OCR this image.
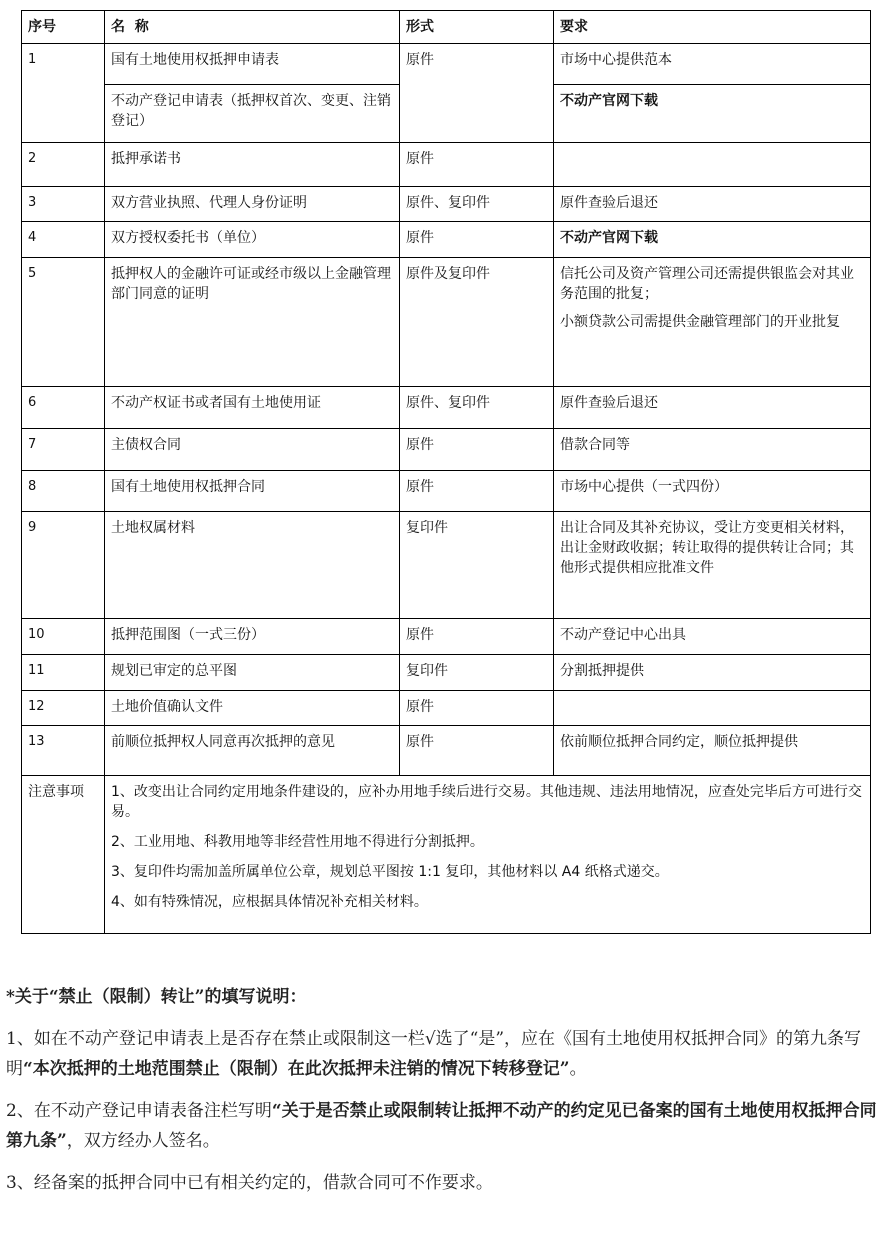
序号	名  称	形式	要求
1	国有土地使用权抵押申请表	原件	市场中心提供范本
	不动产登记申请表（抵押权首次、变更、注销登记）		不动产官网下载
2	抵押承诺书	原件	
3	双方营业执照、代理人身份证明	原件、复印件	原件查验后退还
4	双方授权委托书（单位）	原件	不动产官网下载
5	抵押权人的金融许可证或经市级以上金融管理部门同意的证明	原件及复印件	信托公司及资产管理公司还需提供银监会对其业务范围的批复；
小额贷款公司需提供金融管理部门的开业批复

6	不动产权证书或者国有土地使用证	原件、复印件	原件查验后退还
7	主债权合同	原件	借款合同等
8	国有土地使用权抵押合同	原件	市场中心提供（一式四份）
9	土地权属材料	复印件	出让合同及其补充协议，受让方变更相关材料，出让金财政收据；转让取得的提供转让合同；其他形式提供相应批准文件
10	抵押范围图（一式三份）	原件	不动产登记中心出具
11	规划已审定的总平图	复印件	分割抵押提供
12	土地价值确认文件	原件	
13	前顺位抵押权人同意再次抵押的意见	原件	依前顺位抵押合同约定，顺位抵押提供
注意事项	1、改变出让合同约定用地条件建设的，应补办用地手续后进行交易。其他违规、违法用地情况，应查处完毕后方可进行交易。

2、工业用地、科教用地等非经营性用地不得进行分割抵押。

3、复印件均需加盖所属单位公章，规划总平图按 1:1 复印，其他材料以 A4 纸格式递交。

4、如有特殊情况，应根据具体情况补充相关材料。		

*关于“禁止（限制）转让”的填写说明：

1、如在不动产登记申请表上是否存在禁止或限制这一栏√选了“是”，应在《国有土地使用权抵押合同》的第九条写明“本次抵押的土地范围禁止（限制）在此次抵押未注销的情况下转移登记”。

2、在不动产登记申请表备注栏写明“关于是否禁止或限制转让抵押不动产的约定见已备案的国有土地使用权抵押合同第九条”，双方经办人签名。

3、经备案的抵押合同中已有相关约定的，借款合同可不作要求。
